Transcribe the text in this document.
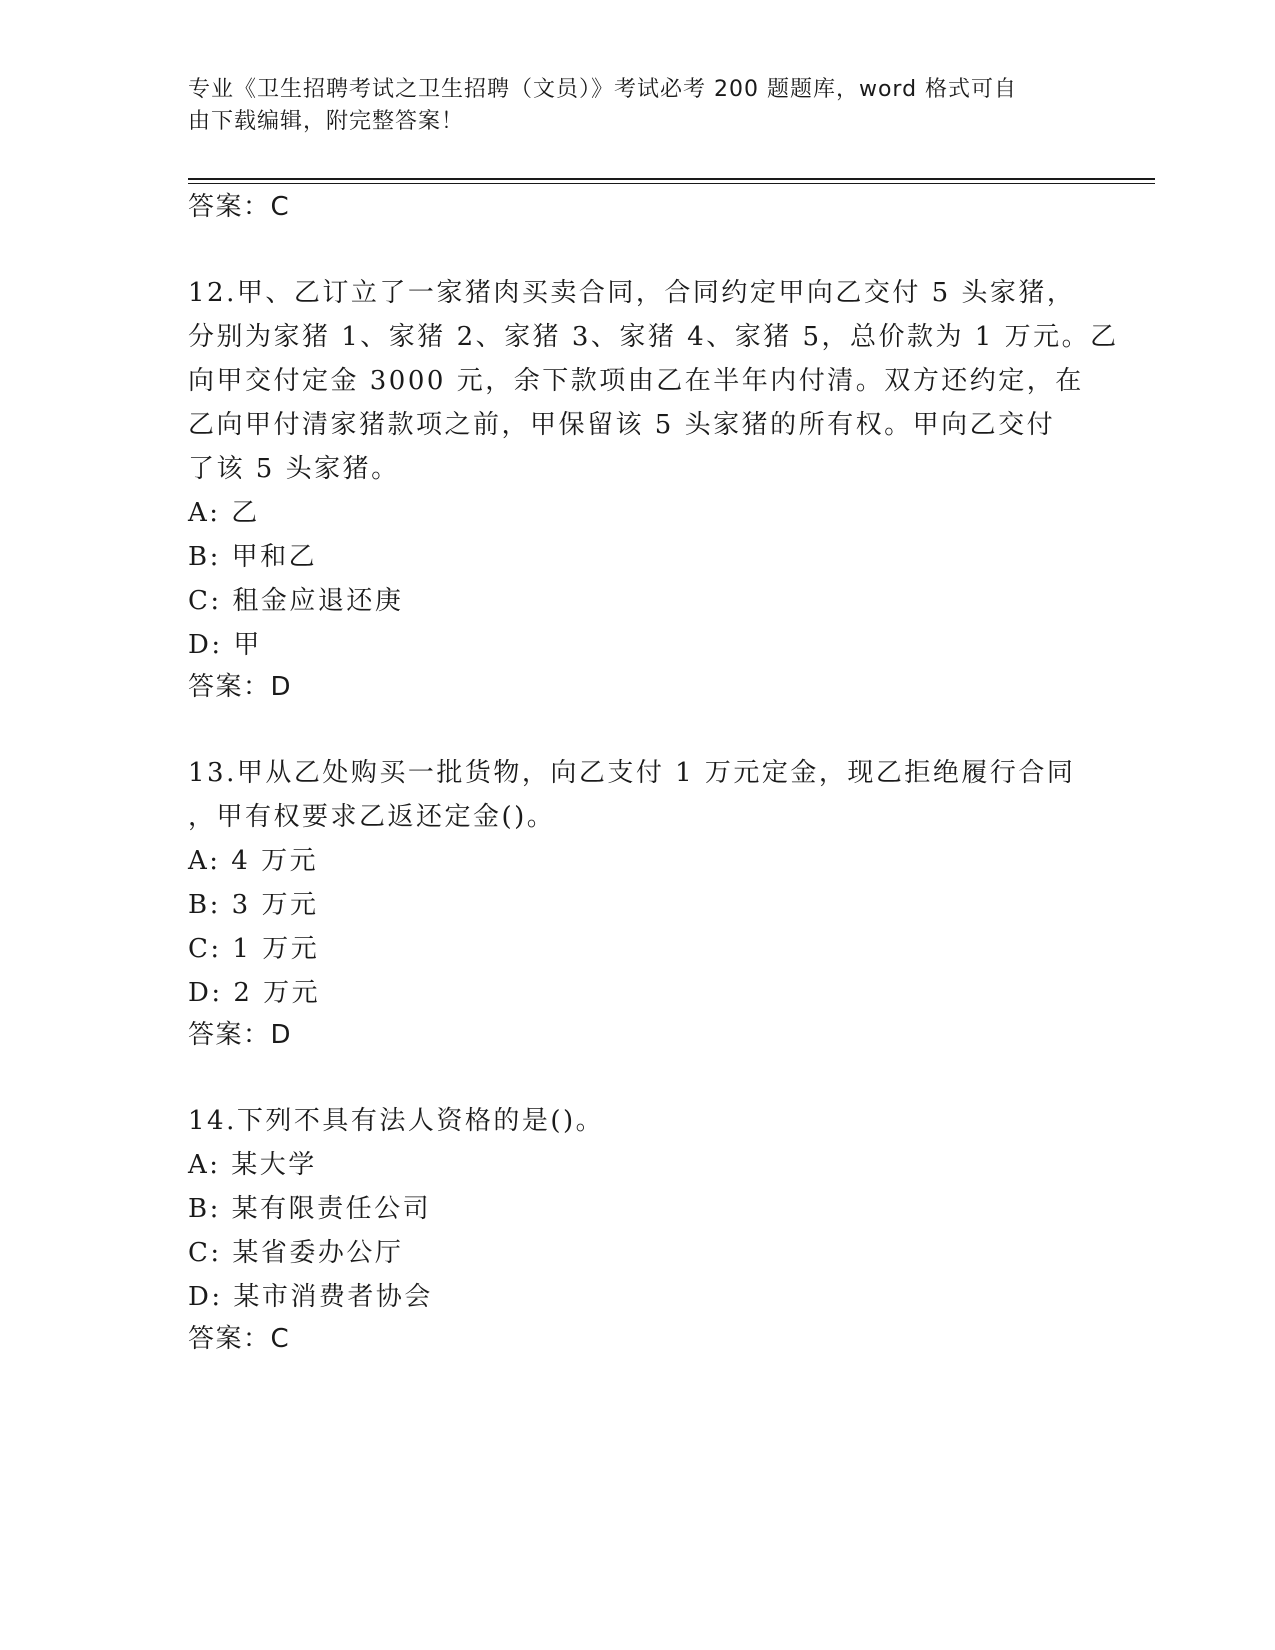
专业《卫生招聘考试之卫生招聘（文员）》考试必考 200 题题库，word 格式可自
由下载编辑，附完整答案！
答案：C
12.甲、乙订立了一家猪肉买卖合同，合同约定甲向乙交付 5 头家猪，
分别为家猪 1、家猪 2、家猪 3、家猪 4、家猪 5，总价款为 1 万元。乙
向甲交付定金 3000 元，余下款项由乙在半年内付清。双方还约定，在
乙向甲付清家猪款项之前，甲保留该 5 头家猪的所有权。甲向乙交付
了该 5 头家猪。
A: 乙
B: 甲和乙
C: 租金应退还庚
D: 甲
答案：D
13.甲从乙处购买一批货物，向乙支付 1 万元定金，现乙拒绝履行合同
，甲有权要求乙返还定金()。
A: 4 万元
B: 3 万元
C: 1 万元
D: 2 万元
答案：D
14.下列不具有法人资格的是()。
A: 某大学
B: 某有限责任公司
C: 某省委办公厅
D: 某市消费者协会
答案：C
